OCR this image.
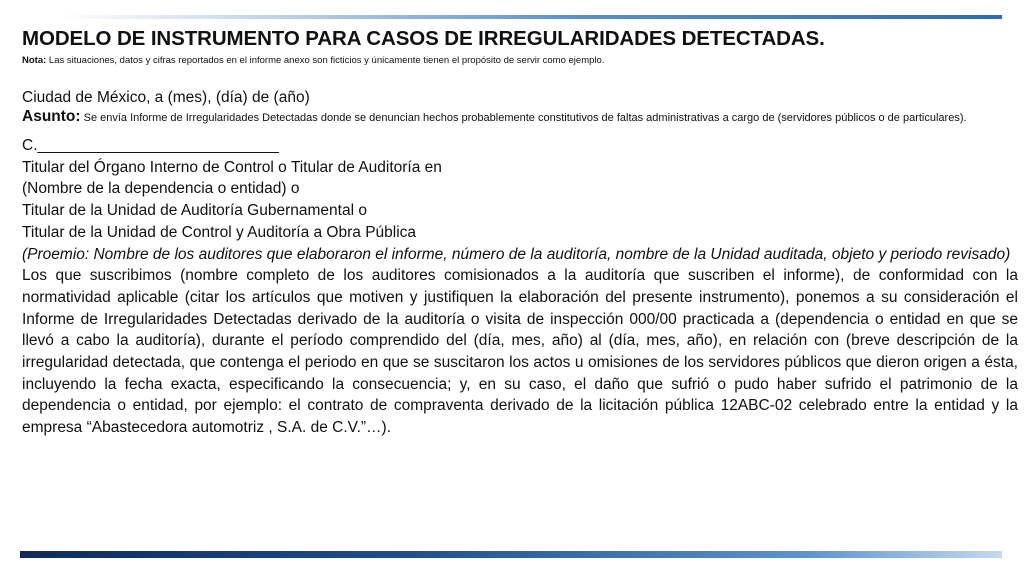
MODELO DE INSTRUMENTO PARA CASOS DE IRREGULARIDADES DETECTADAS.
Nota: Las situaciones, datos y cifras reportados en el informe anexo son ficticios y únicamente tienen el propósito de servir como ejemplo.
Ciudad de México, a (mes), (día) de (año)
Asunto: Se envía Informe de Irregularidades Detectadas donde se denuncian hechos probablemente constitutivos de faltas administrativas a cargo de (servidores públicos o de particulares).
C.____________________________
Titular del Órgano Interno de Control o Titular de Auditoría en
(Nombre de la dependencia o entidad) o
Titular de la Unidad de Auditoría Gubernamental o
Titular de la Unidad de Control y Auditoría a Obra Pública
(Proemio: Nombre de los auditores que elaboraron el informe, número de la auditoría, nombre de la Unidad auditada, objeto y periodo revisado)
Los que suscribimos (nombre completo de los auditores comisionados a la auditoría que suscriben el informe), de conformidad con la normatividad aplicable (citar los artículos que motiven y justifiquen la elaboración del presente instrumento), ponemos a su consideración el Informe de Irregularidades Detectadas derivado de la auditoría o visita de inspección 000/00 practicada a (dependencia o entidad en que se llevó a cabo la auditoría), durante el período comprendido del (día, mes, año) al (día, mes, año), en relación con (breve descripción de la irregularidad detectada, que contenga el periodo en que se suscitaron los actos u omisiones de los servidores públicos que dieron origen a ésta, incluyendo la fecha exacta, especificando la consecuencia; y, en su caso, el daño que sufrió o pudo haber sufrido el patrimonio de la dependencia o entidad, por ejemplo: el contrato de compraventa derivado de la licitación pública 12ABC-02 celebrado entre la entidad y la empresa “Abastecedora automotriz , S.A. de C.V.”…).
